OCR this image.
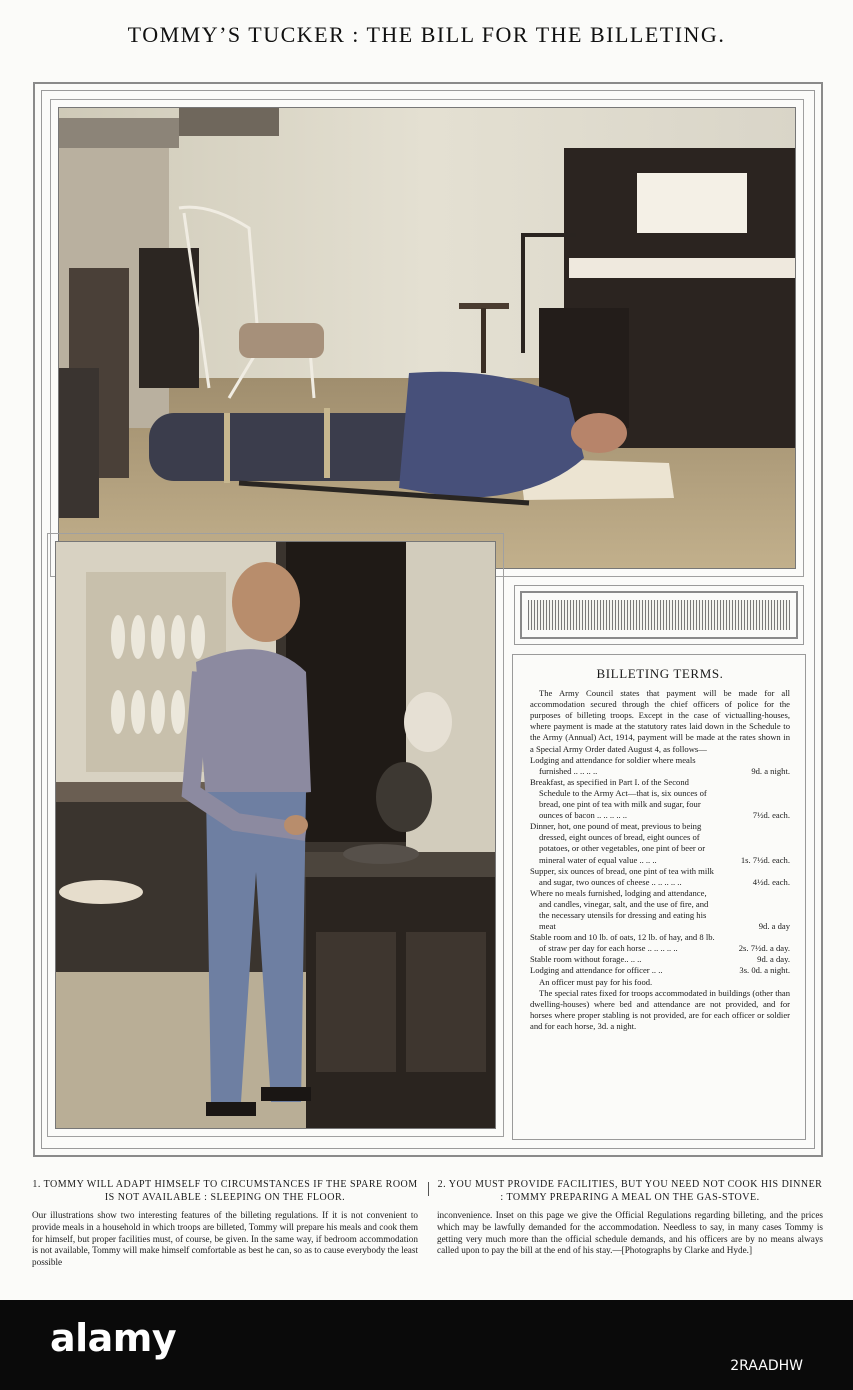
TOMMY’S TUCKER : THE BILL FOR THE BILLETING.
BILLETING TERMS.

The Army Council states that payment will be made for all accommodation secured through the chief officers of police for the purposes of billeting troops. Except in the case of victualling-houses, where payment is made at the statutory rates laid down in the Schedule to the Army (Annual) Act, 1914, payment will be made at the rates shown in a Special Army Order dated August 4, as follows—

Lodging and attendance for soldier where meals furnished .. .. .. ..	9d. a night.
Breakfast, as specified in Part I. of the Second Schedule to the Army Act—that is, six ounces of bread, one pint of tea with milk and sugar, four ounces of bacon .. .. .. .. ..	7½d. each.
Dinner, hot, one pound of meat, previous to being dressed, eight ounces of bread, eight ounces of potatoes, or other vegetables, one pint of beer or mineral water of equal value .. .. ..	1s. 7½d. each.
Supper, six ounces of bread, one pint of tea with milk and sugar, two ounces of cheese .. .. .. .. ..	4½d. each.
Where no meals furnished, lodging and attendance, and candles, vinegar, salt, and the use of fire, and the necessary utensils for dressing and eating his meat	9d. a day
Stable room and 10 lb. of oats, 12 lb. of hay, and 8 lb. of straw per day for each horse .. .. .. .. ..	2s. 7½d. a day.
Stable room without forage.. .. ..	9d. a day.
Lodging and attendance for officer .. ..	3s. 0d. a night.

An officer must pay for his food.

The special rates fixed for troops accommodated in buildings (other than dwelling-houses) where bed and attendance are not provided, and for horses where proper stabling is not provided, are for each officer or soldier and for each horse, 3d. a night.

1. TOMMY WILL ADAPT HIMSELF TO CIRCUMSTANCES IF THE SPARE ROOM IS NOT AVAILABLE : SLEEPING ON THE FLOOR.
Our illustrations show two interesting features of the billeting regulations. If it is not convenient to provide meals in a household in which troops are billeted, Tommy will prepare his meals and cook them for himself, but proper facilities must, of course, be given. In the same way, if bedroom accommodation is not available, Tommy will make himself comfortable as best he can, so as to cause everybody the least possible
2. YOU MUST PROVIDE FACILITIES, BUT YOU NEED NOT COOK HIS DINNER : TOMMY PREPARING A MEAL ON THE GAS-STOVE.
inconvenience. Inset on this page we give the Official Regulations regarding billeting, and the prices which may be lawfully demanded for the accommodation. Needless to say, in many cases Tommy is getting very much more than the official schedule demands, and his officers are by no means always called upon to pay the bill at the end of his stay.—[Photographs by Clarke and Hyde.]
alamy
2RAADHW
